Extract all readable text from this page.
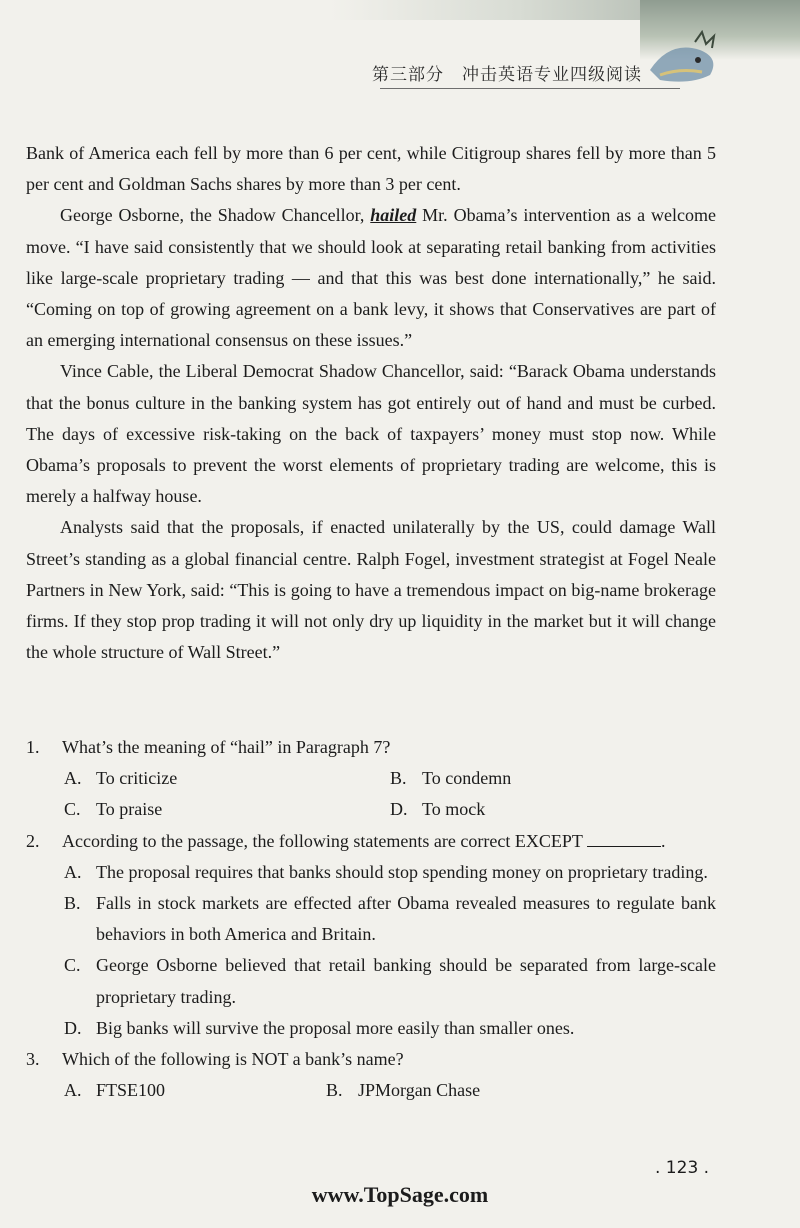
第三部分　冲击英语专业四级阅读

Bank of America each fell by more than 6 per cent, while Citigroup shares fell by more than 5 per cent and Goldman Sachs shares by more than 3 per cent.

George Osborne, the Shadow Chancellor, hailed Mr. Obama’s intervention as a welcome move. “I have said consistently that we should look at separating retail banking from activities like large-scale proprietary trading — and that this was best done internationally,” he said. “Coming on top of growing agreement on a bank levy, it shows that Conservatives are part of an emerging international consensus on these issues.”

Vince Cable, the Liberal Democrat Shadow Chancellor, said: “Barack Obama understands that the bonus culture in the banking system has got entirely out of hand and must be curbed. The days of excessive risk-taking on the back of taxpayers’ money must stop now. While Obama’s proposals to prevent the worst elements of proprietary trading are welcome, this is merely a halfway house.

Analysts said that the proposals, if enacted unilaterally by the US, could damage Wall Street’s standing as a global financial centre. Ralph Fogel, investment strategist at Fogel Neale Partners in New York, said: “This is going to have a tremendous impact on big-name brokerage firms. If they stop prop trading it will not only dry up liquidity in the market but it will change the whole structure of Wall Street.”

1.	What’s the meaning of “hail” in Paragraph 7?
A. To criticize	B. To condemn
C. To praise	D. To mock
2.	According to the passage, the following statements are correct EXCEPT	.
A. The proposal requires that banks should stop spending money on proprietary trading.
B. Falls in stock markets are effected after Obama revealed measures to regulate bank behaviors in both America and Britain.
C. George Osborne believed that retail banking should be separated from large-scale proprietary trading.
D. Big banks will survive the proposal more easily than smaller ones.
3.	Which of the following is NOT a bank’s name?
A. FTSE100	B. JPMorgan Chase
. 123 .
www.TopSage.com
